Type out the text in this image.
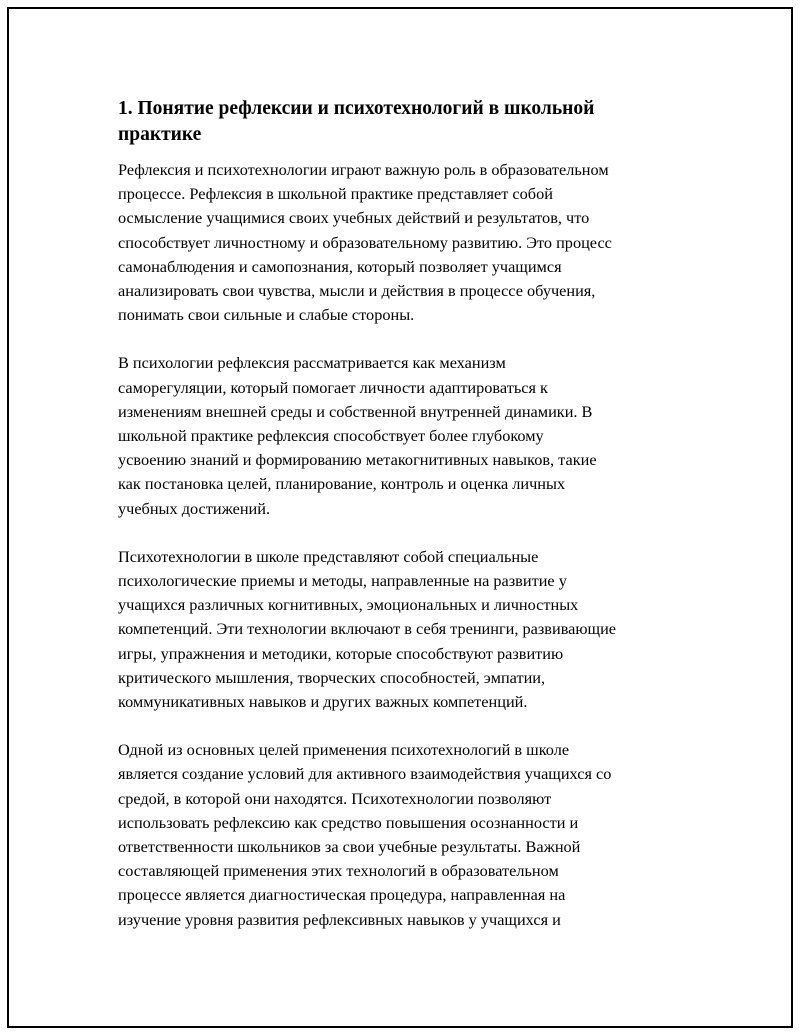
1. Понятие рефлексии и психотехнологий в школьной
практике

Рефлексия и психотехнологии играют важную роль в образовательном
процессе. Рефлексия в школьной практике представляет собой
осмысление учащимися своих учебных действий и результатов, что
способствует личностному и образовательному развитию. Это процесс
самонаблюдения и самопознания, который позволяет учащимся
анализировать свои чувства, мысли и действия в процессе обучения,
понимать свои сильные и слабые стороны.

В психологии рефлексия рассматривается как механизм
саморегуляции, который помогает личности адаптироваться к
изменениям внешней среды и собственной внутренней динамики. В
школьной практике рефлексия способствует более глубокому
усвоению знаний и формированию метакогнитивных навыков, такие
как постановка целей, планирование, контроль и оценка личных
учебных достижений.

Психотехнологии в школе представляют собой специальные
психологические приемы и методы, направленные на развитие у
учащихся различных когнитивных, эмоциональных и личностных
компетенций. Эти технологии включают в себя тренинги, развивающие
игры, упражнения и методики, которые способствуют развитию
критического мышления, творческих способностей, эмпатии,
коммуникативных навыков и других важных компетенций.

Одной из основных целей применения психотехнологий в школе
является создание условий для активного взаимодействия учащихся со
средой, в которой они находятся. Психотехнологии позволяют
использовать рефлексию как средство повышения осознанности и
ответственности школьников за свои учебные результаты. Важной
составляющей применения этих технологий в образовательном
процессе является диагностическая процедура, направленная на
изучение уровня развития рефлексивных навыков у учащихся и
